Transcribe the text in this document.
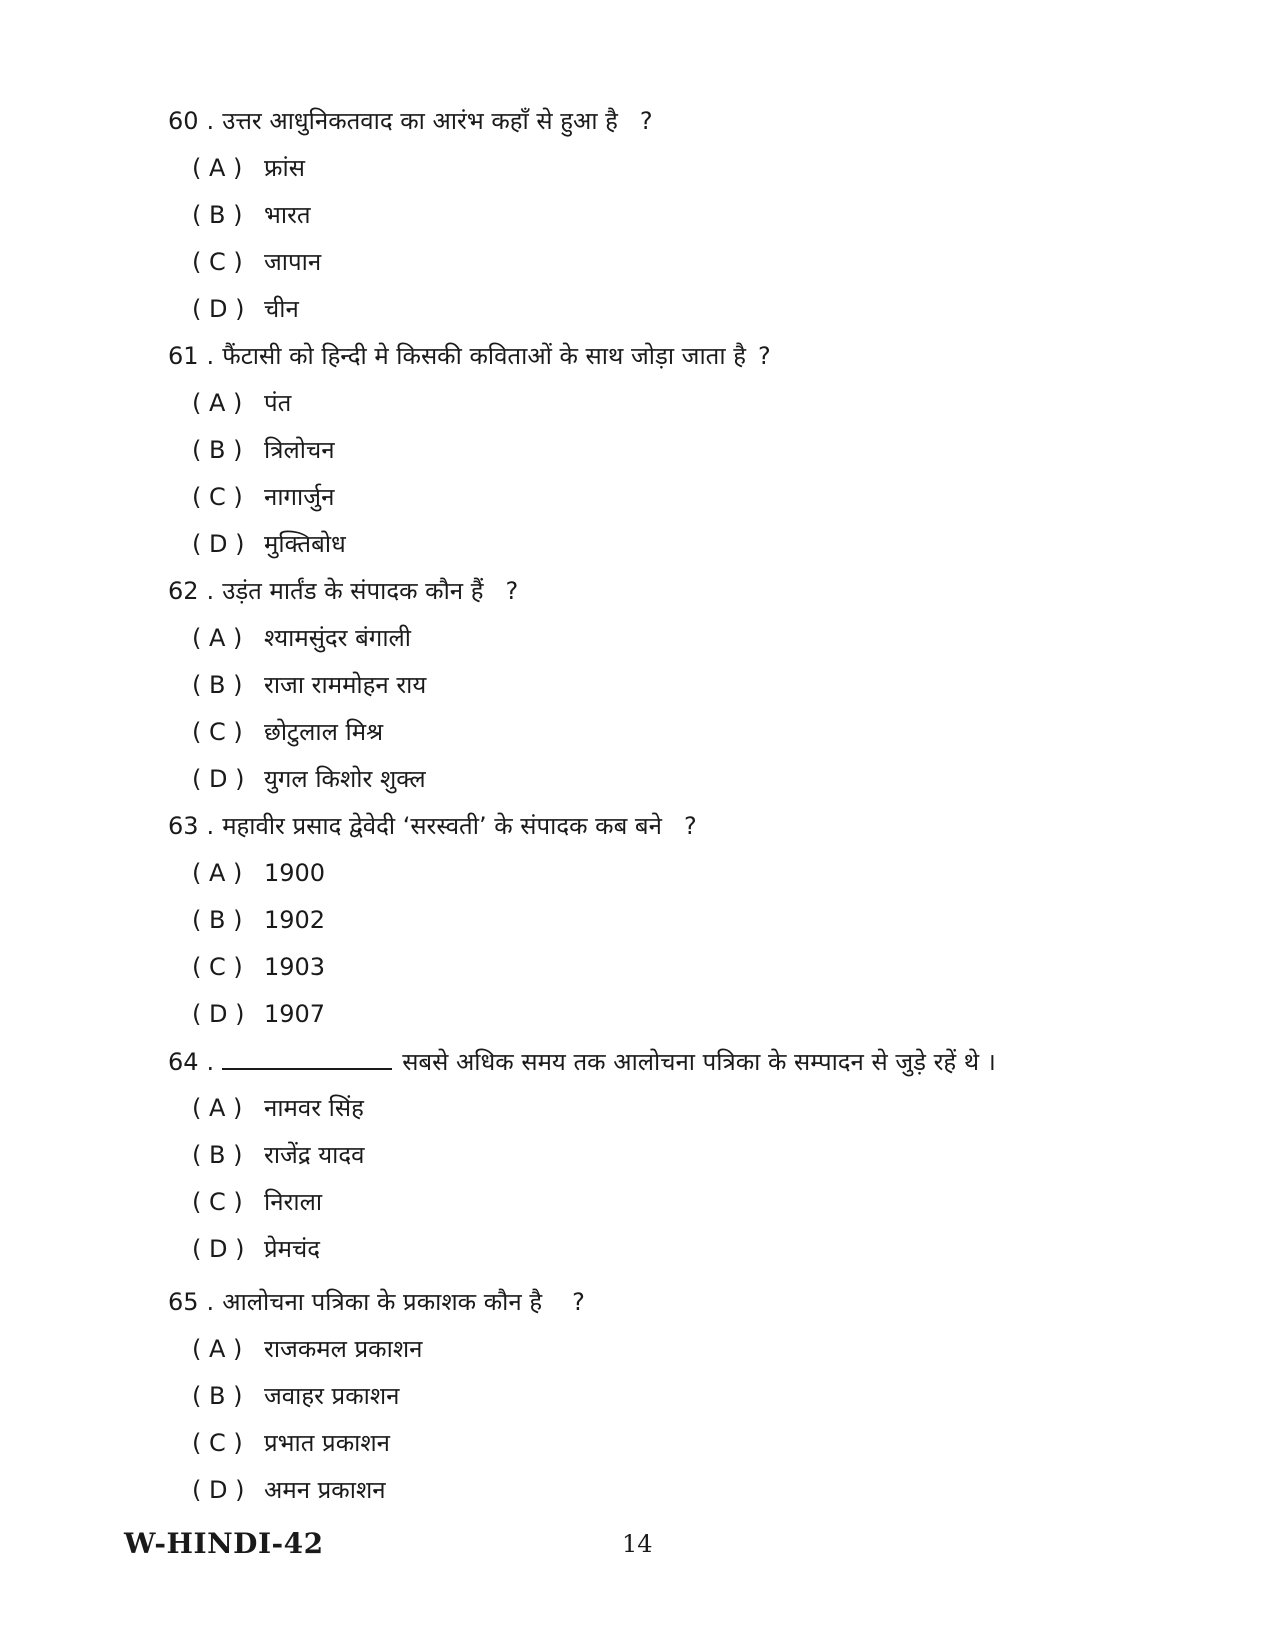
60 . उत्तर आधुनिकतवाद का आरंभ कहाँ से हुआ है ?
( A ) फ्रांस
( B ) भारत
( C ) जापान
( D ) चीन
61 . फैंटासी को हिन्दी मे किसकी कविताओं के साथ जोड़ा जाता है ?
( A ) पंत
( B ) त्रिलोचन
( C ) नागार्जुन
( D ) मुक्तिबोध
62 . उड़ंत मार्तंड के संपादक कौन हैं ?
( A ) श्यामसुंदर बंगाली
( B ) राजा राममोहन राय
( C ) छोटुलाल मिश्र
( D ) युगल किशोर शुक्ल
63 . महावीर प्रसाद द्वेवेदी ‘सरस्वती’ के संपादक कब बने ?
( A ) 1900
( B ) 1902
( C ) 1903
( D ) 1907
64 .	सबसे अधिक समय तक आलोचना पत्रिका के सम्पादन से जुड़े रहें थे ।
( A ) नामवर सिंह
( B ) राजेंद्र यादव
( C ) निराला
( D ) प्रेमचंद
65 . आलोचना पत्रिका के प्रकाशक कौन है ?
( A ) राजकमल प्रकाशन
( B ) जवाहर प्रकाशन
( C ) प्रभात प्रकाशन
( D ) अमन प्रकाशन
W-HINDI-42	14
